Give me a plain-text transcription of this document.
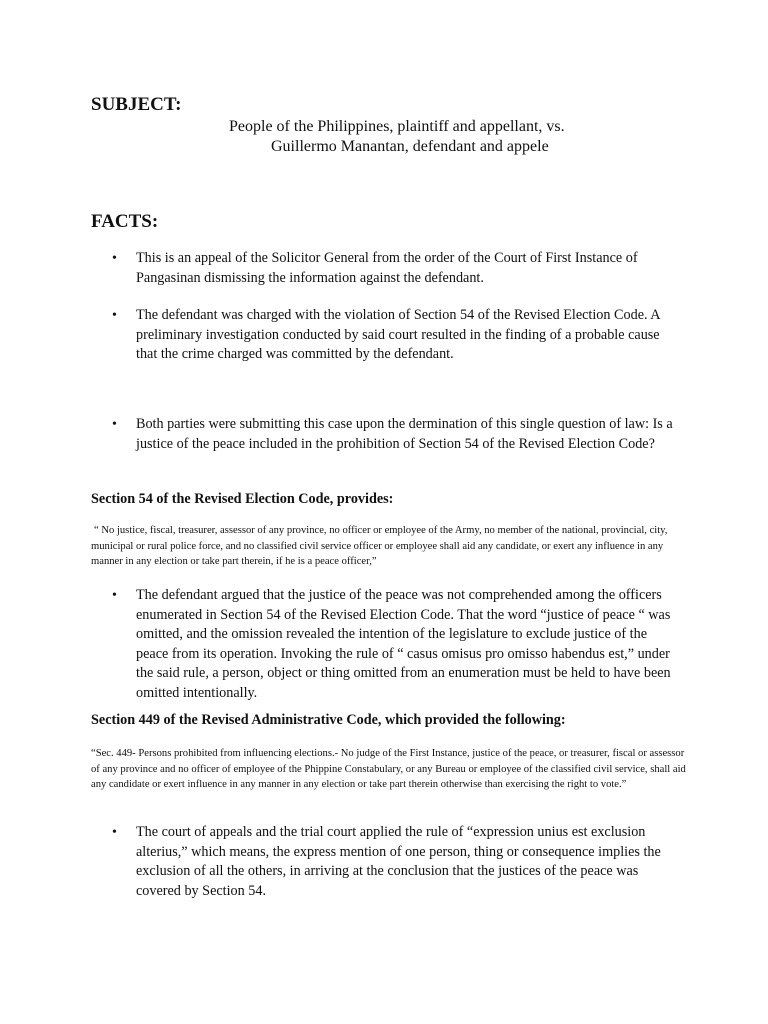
SUBJECT:

People of the Philippines, plaintiff and appellant, vs.

Guillermo Manantan, defendant and appele

FACTS:
•	This is an appeal of the Solicitor General from the order of the Court of First Instance of Pangasinan dismissing the information against the defendant.
•	The defendant was charged with the violation of Section 54 of the Revised Election Code. A preliminary investigation conducted by said court resulted in the finding of a probable cause that the crime charged was committed by the defendant.
•	Both parties were submitting this case upon the dermination of this single question of law: Is a justice of the peace included in the prohibition of Section 54 of the Revised Election Code?
Section 54 of the Revised Election Code, provides:

“ No justice, fiscal, treasurer, assessor of any province, no officer or employee of the Army, no member of the national, provincial, city, municipal or rural police force, and no classified civil service officer or employee shall aid any candidate, or exert any influence in any manner in any election or take part therein, if he is a peace officer,”

•	The defendant argued that the justice of the peace was not comprehended among the officers enumerated in Section 54 of the Revised Election Code. That the word “justice of peace “ was omitted, and the omission revealed the intention of the legislature to exclude justice of the peace from its operation. Invoking the rule of “ casus omisus pro omisso habendus est,” under the said rule, a person, object or thing omitted from an enumeration must be held to have been omitted intentionally.
Section 449 of the Revised Administrative Code, which provided the following:

“Sec. 449- Persons prohibited from influencing elections.- No judge of the First Instance, justice of the peace, or treasurer, fiscal or assessor of any province and no officer of employee of the Phippine Constabulary, or any Bureau or employee of the classified civil service, shall aid any candidate or exert influence in any manner in any election or take part therein otherwise than exercising the right to vote.”

•	The court of appeals and the trial court applied the rule of “expression unius est exclusion alterius,” which means, the express mention of one person, thing or consequence implies the exclusion of all the others, in arriving at the conclusion that the justices of the peace was covered by Section 54.
